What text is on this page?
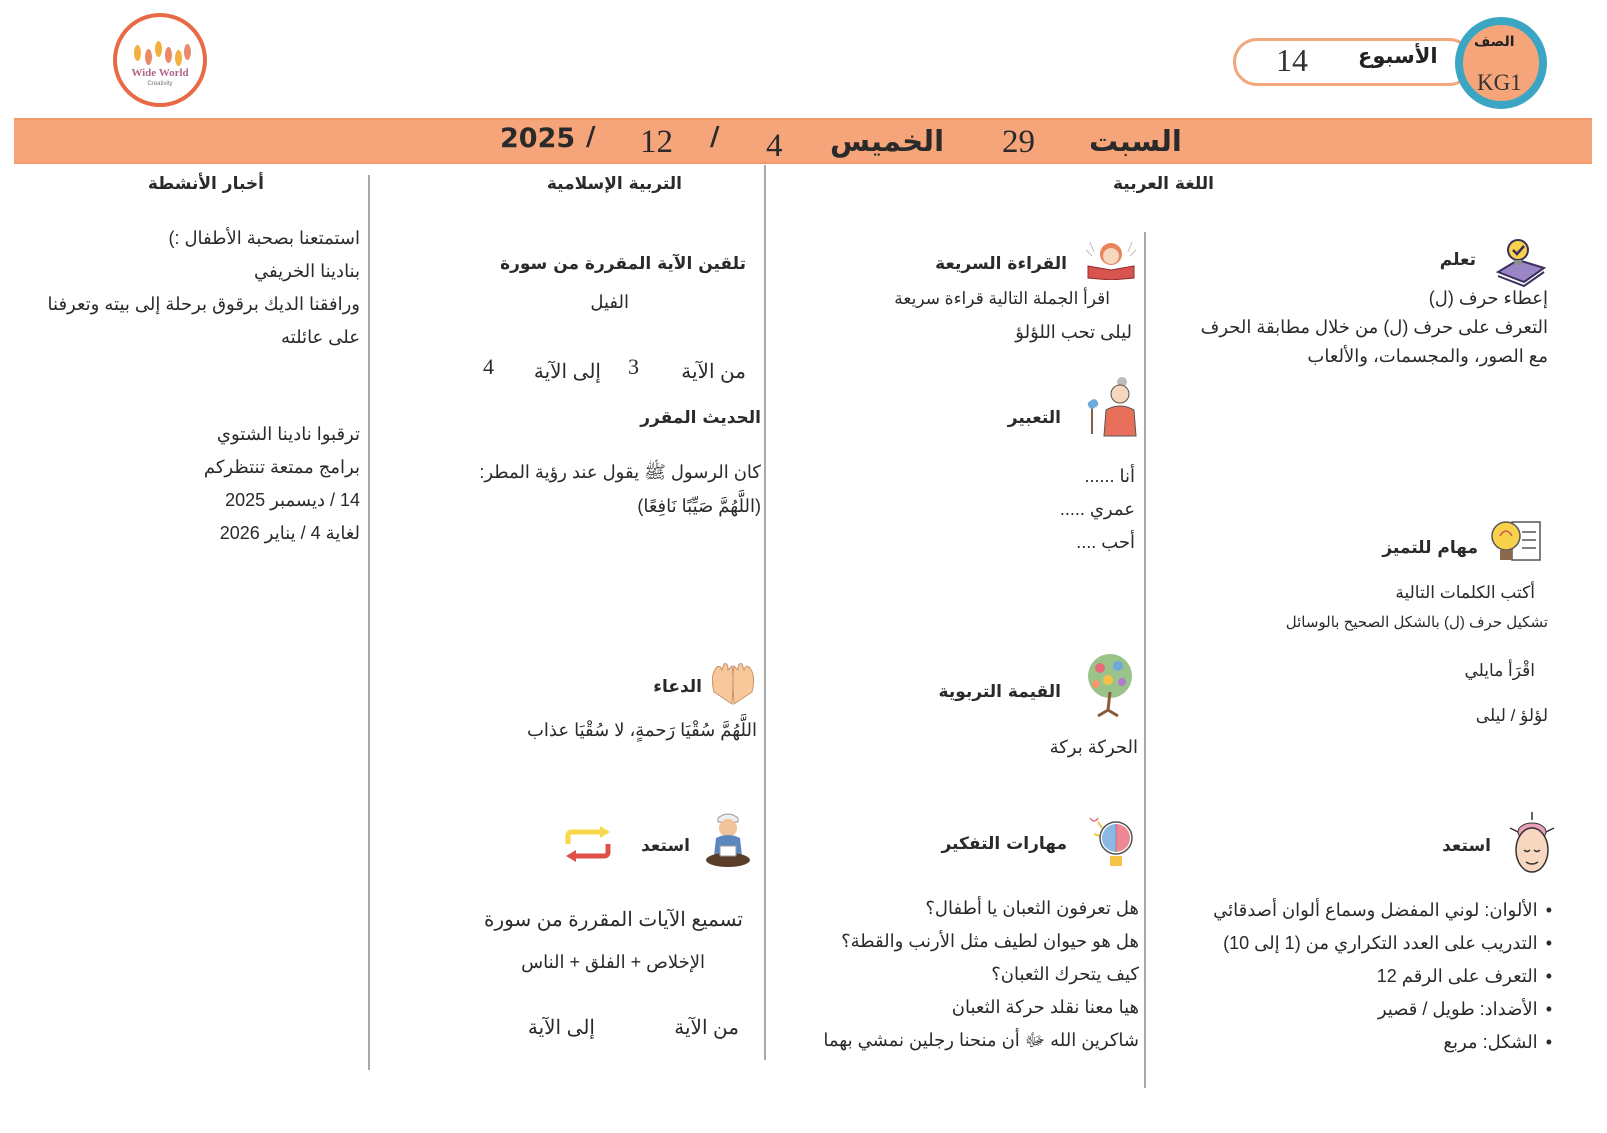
Wide World
Creativity
الأسبوع
14	الصف
KG1
السبت
29
الخميس
4
/
12
/
2025
اللغة العربية
التربية الإسلامية
أخبار الأنشطة
تعلم
إعطاء حرف (ل)
التعرف على حرف (ل) من خلال مطابقة الحرف
مع الصور، والمجسمات، والألعاب
القراءة السريعة
اقرأ الجملة التالية قراءة سريعة
ليلى تحب اللؤلؤ
التعبير
أنا ......
عمري .....
أحب ....	مهام للتميز
أكتب الكلمات التالية
تشكيل حرف (ل) بالشكل الصحيح بالوسائل
اقْرَأ مايلي
لؤلؤ / ليلى
القيمة التربوية
الحركة بركة
مهارات التفكير
هل تعرفون الثعبان يا أطفال؟
هل هو حيوان لطيف مثل الأرنب والقطة؟
كيف يتحرك الثعبان؟
هيا معنا نقلد حركة الثعبان
شاكرين الله ﷻ أن منحنا رجلين نمشي بهما
استعد
• الألوان: لوني المفضل وسماع ألوان أصدقائي
• التدريب على العدد التكراري من (1 إلى 10)
• التعرف على الرقم 12
• الأضداد: طويل / قصير
• الشكل: مربع
تلقين الآية المقررة من سورة
الفيل
من الآية
3
إلى الآية
4
الحديث المقرر
كان الرسول ﷺ يقول عند رؤية المطر:
(اللَّهُمَّ صَيِّبًا نَافِعًا)
الدعاء
اللَّهُمَّ سُقْيَا رَحمةٍ، لا سُقْيَا عذاب
استعد
تسميع الآيات المقررة من سورة
الإخلاص + الفلق + الناس
من الآية
إلى الآية
استمتعنا بصحبة الأطفال :)
بنادينا الخريفي
ورافقنا الديك برقوق برحلة إلى بيته وتعرفنا
على عائلته
ترقبوا نادينا الشتوي
برامج ممتعة تنتظركم
14 / ديسمبر 2025
لغاية 4 / يناير 2026
